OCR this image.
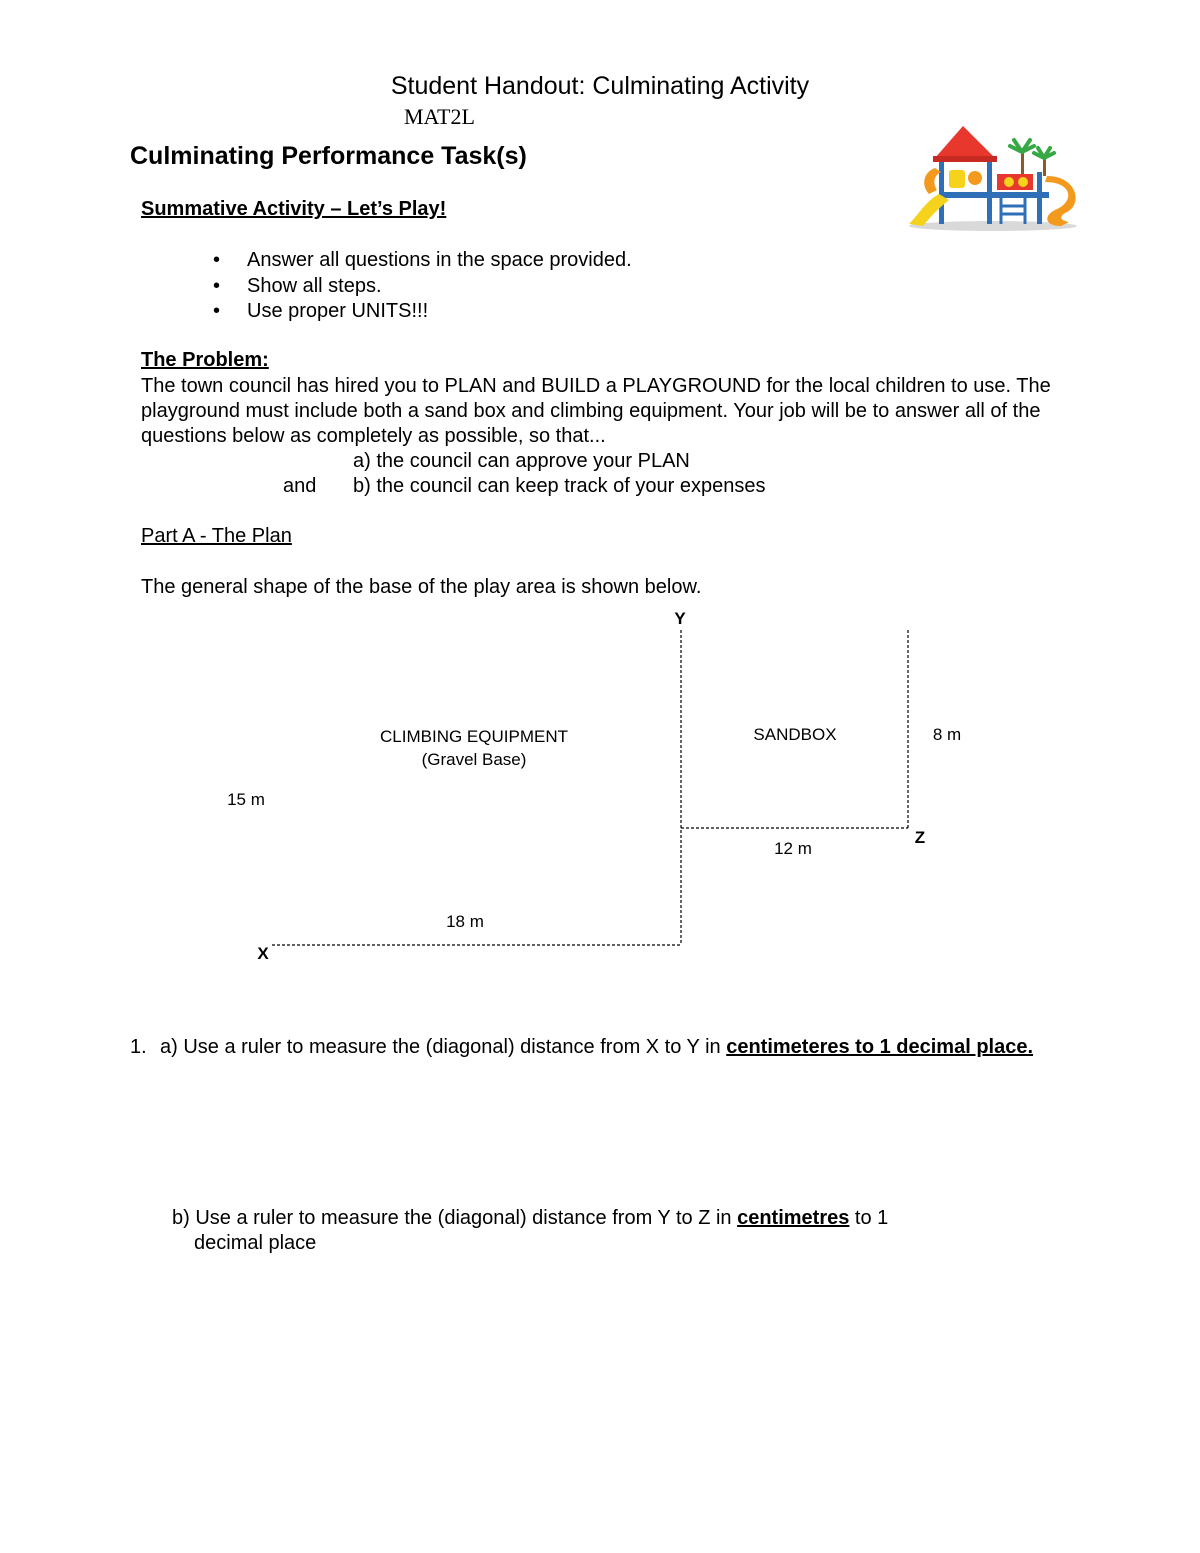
Student Handout: Culminating Activity
MAT2L
Culminating Performance Task(s)
Summative Activity – Let’s Play!
• Answer all questions in the space provided.
• Show all steps.
• Use proper UNITS!!!
The Problem:
The town council has hired you to PLAN and BUILD a PLAYGROUND for the local children to use. The playground must include both a sand box and climbing equipment. Your job will be to answer all of the questions below as completely as possible, so that...
a) the council can approve your PLAN
and b) the council can keep track of your expenses
Part A - The Plan
The general shape of the base of the play area is shown below.
Y
X
Z
CLIMBING EQUIPMENT
(Gravel Base)
SANDBOX
15 m
18 m
12 m
8 m
1. a) Use a ruler to measure the (diagonal) distance from X to Y in centimeteres to 1 decimal place.
b) Use a ruler to measure the (diagonal) distance from Y to Z in centimetres to 1
decimal place
